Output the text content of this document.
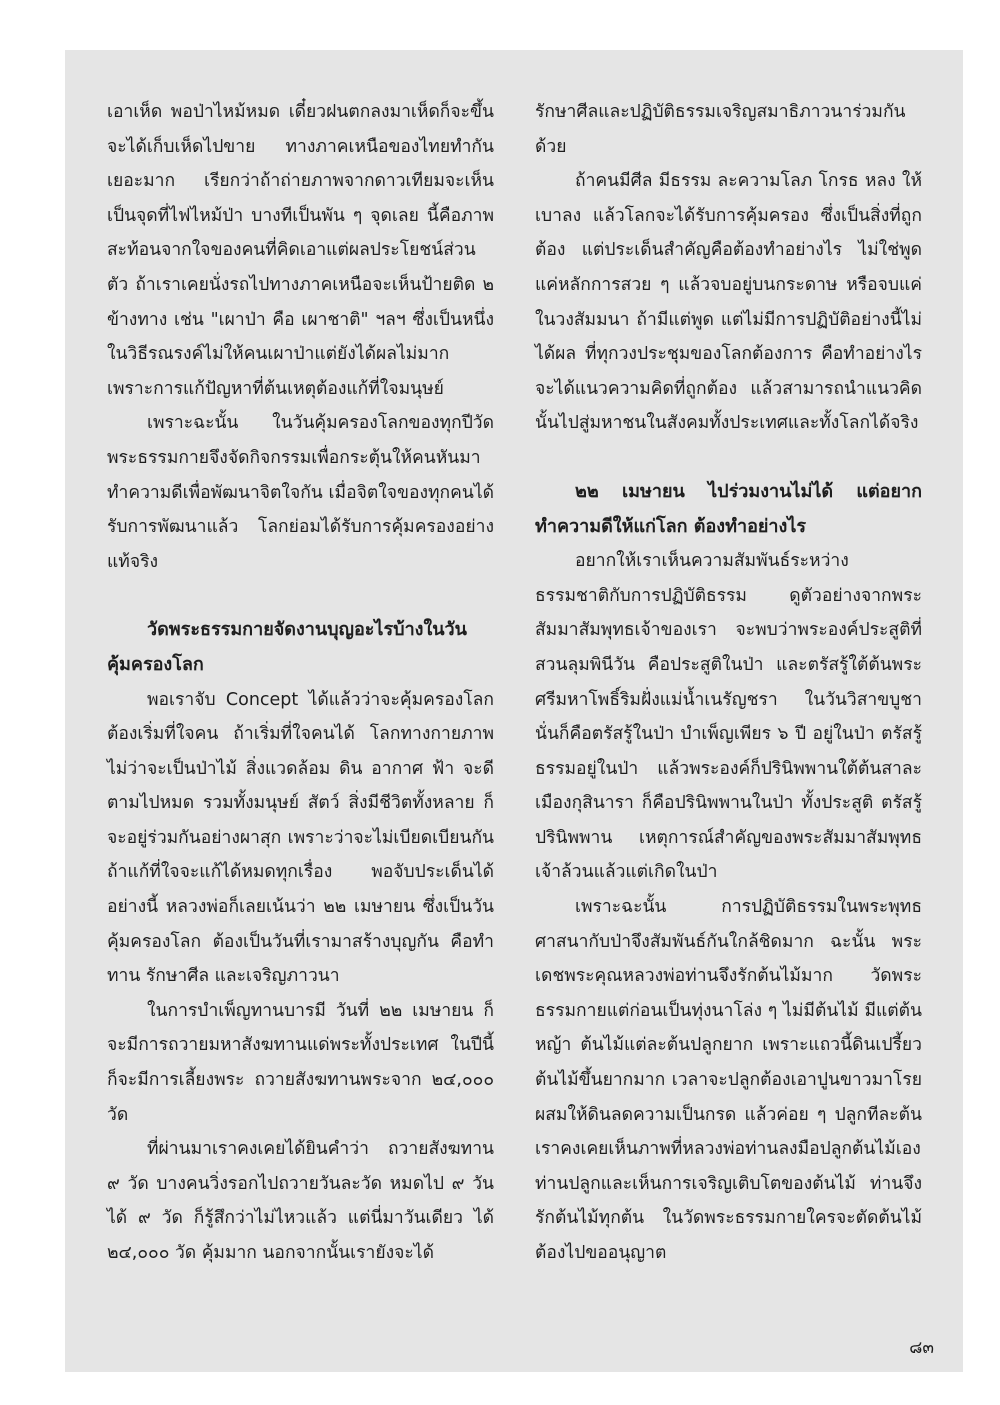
เอาเห็ด พอป่าไหม้หมด เดี๋ยวฝนตกลงมาเห็ดก็จะขึ้น จะได้เก็บเห็ดไปขาย ทางภาคเหนือของไทยทำกันเยอะมาก เรียกว่าถ้าถ่ายภาพจากดาวเทียมจะเห็นเป็นจุดที่ไฟไหม้ป่า บางทีเป็นพัน ๆ จุดเลย นี้คือภาพสะท้อนจากใจของคนที่คิดเอาแต่ผลประโยชน์ส่วนตัว ถ้าเราเคยนั่งรถไปทางภาคเหนือจะเห็นป้ายติด ๒ ข้างทาง เช่น "เผาป่า คือ เผาชาติ" ฯลฯ ซึ่งเป็นหนึ่งในวิธีรณรงค์ไม่ให้คนเผาป่าแต่ยังได้ผลไม่มาก เพราะการแก้ปัญหาที่ต้นเหตุต้องแก้ที่ใจมนุษย์

เพราะฉะนั้น ในวันคุ้มครองโลกของทุกปีวัดพระธรรมกายจึงจัดกิจกรรมเพื่อกระตุ้นให้คนหันมาทำความดีเพื่อพัฒนาจิตใจกัน เมื่อจิตใจของทุกคนได้รับการพัฒนาแล้ว โลกย่อมได้รับการคุ้มครองอย่างแท้จริง

วัดพระธรรมกายจัดงานบุญอะไรบ้างในวันคุ้มครองโลก

พอเราจับ Concept ได้แล้วว่าจะคุ้มครองโลกต้องเริ่มที่ใจคน ถ้าเริ่มที่ใจคนได้ โลกทางกายภาพไม่ว่าจะเป็นป่าไม้ สิ่งแวดล้อม ดิน อากาศ ฟ้า จะดีตามไปหมด รวมทั้งมนุษย์ สัตว์ สิ่งมีชีวิตทั้งหลาย ก็จะอยู่ร่วมกันอย่างผาสุก เพราะว่าจะไม่เบียดเบียนกัน ถ้าแก้ที่ใจจะแก้ได้หมดทุกเรื่อง พอจับประเด็นได้อย่างนี้ หลวงพ่อก็เลยเน้นว่า ๒๒ เมษายน ซึ่งเป็นวันคุ้มครองโลก ต้องเป็นวันที่เรามาสร้างบุญกัน คือทำทาน รักษาศีล และเจริญภาวนา

ในการบำเพ็ญทานบารมี วันที่ ๒๒ เมษายน ก็จะมีการถวายมหาสังฆทานแด่พระทั้งประเทศ ในปีนี้ก็จะมีการเลี้ยงพระ ถวายสังฆทานพระจาก ๒๔,๐๐๐ วัด

ที่ผ่านมาเราคงเคยได้ยินคำว่า ถวายสังฆทาน ๙ วัด บางคนวิ่งรอกไปถวายวันละวัด หมดไป ๙ วัน ได้ ๙ วัด ก็รู้สึกว่าไม่ไหวแล้ว แต่นี่มาวันเดียว ได้ ๒๔,๐๐๐ วัด คุ้มมาก นอกจากนั้นเรายังจะได้

รักษาศีลและปฏิบัติธรรมเจริญสมาธิภาวนาร่วมกันด้วย

ถ้าคนมีศีล มีธรรม ละความโลภ โกรธ หลง ให้เบาลง แล้วโลกจะได้รับการคุ้มครอง ซึ่งเป็นสิ่งที่ถูกต้อง แต่ประเด็นสำคัญคือต้องทำอย่างไร ไม่ใช่พูดแค่หลักการสวย ๆ แล้วจบอยู่บนกระดาษ หรือจบแค่ในวงสัมมนา ถ้ามีแต่พูด แต่ไม่มีการปฏิบัติอย่างนี้ไม่ได้ผล ที่ทุกวงประชุมของโลกต้องการ คือทำอย่างไรจะได้แนวความคิดที่ถูกต้อง แล้วสามารถนำแนวคิดนั้นไปสู่มหาชนในสังคมทั้งประเทศและทั้งโลกได้จริง

๒๒ เมษายน ไปร่วมงานไม่ได้ แต่อยากทำความดีให้แก่โลก ต้องทำอย่างไร

อยากให้เราเห็นความสัมพันธ์ระหว่างธรรมชาติกับการปฏิบัติธรรม ดูตัวอย่างจากพระสัมมาสัมพุทธเจ้าของเรา จะพบว่าพระองค์ประสูติที่สวนลุมพินีวัน คือประสูติในป่า และตรัสรู้ใต้ต้นพระศรีมหาโพธิ์ริมฝั่งแม่น้ำเนรัญชรา ในวันวิสาขบูชา นั่นก็คือตรัสรู้ในป่า บำเพ็ญเพียร ๖ ปี อยู่ในป่า ตรัสรู้ธรรมอยู่ในป่า แล้วพระองค์ก็ปรินิพพานใต้ต้นสาละ เมืองกุสินารา ก็คือปรินิพพานในป่า ทั้งประสูติ ตรัสรู้ ปรินิพพาน เหตุการณ์สำคัญของพระสัมมาสัมพุทธเจ้าล้วนแล้วแต่เกิดในป่า

เพราะฉะนั้น การปฏิบัติธรรมในพระพุทธศาสนากับป่าจึงสัมพันธ์กันใกล้ชิดมาก ฉะนั้น พระเดชพระคุณหลวงพ่อท่านจึงรักต้นไม้มาก วัดพระธรรมกายแต่ก่อนเป็นทุ่งนาโล่ง ๆ ไม่มีต้นไม้ มีแต่ต้นหญ้า ต้นไม้แต่ละต้นปลูกยาก เพราะแถวนี้ดินเปรี้ยว ต้นไม้ขึ้นยากมาก เวลาจะปลูกต้องเอาปูนขาวมาโรยผสมให้ดินลดความเป็นกรด แล้วค่อย ๆ ปลูกทีละต้น เราคงเคยเห็นภาพที่หลวงพ่อท่านลงมือปลูกต้นไม้เอง ท่านปลูกและเห็นการเจริญเติบโตของต้นไม้ ท่านจึงรักต้นไม้ทุกต้น ในวัดพระธรรมกายใครจะตัดต้นไม้ต้องไปขออนุญาต

๘๓
